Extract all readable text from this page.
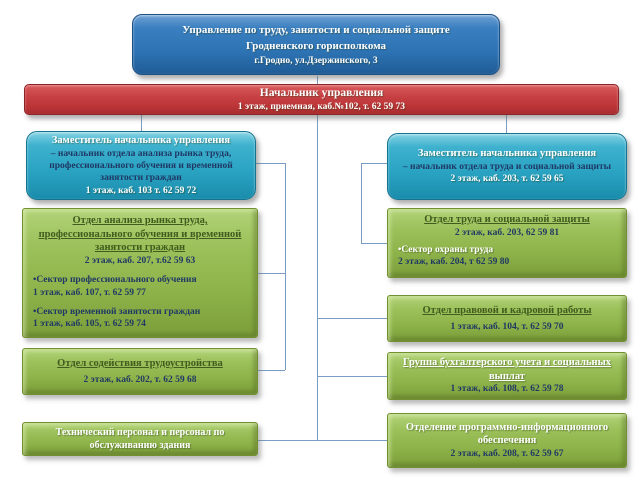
Управление по труду, занятости и социальной защите
Гродненского горисполкома
г.Гродно, ул.Дзержинского, 3
Начальник управления
1 этаж, приемная, каб.№102, т. 62 59 73
Заместитель начальника управления
– начальник отдела анализа рынка труда, профессионального обучения и временной занятости граждан
1 этаж, каб. 103 т. 62 59 72
Заместитель начальника управления
– начальник отдела труда и социальной защиты
2 этаж, каб. 203, т. 62 59 65
Отдел анализа рынка труда, профессионального обучения и временной занятости граждан
2 этаж, каб. 207, т.62 59 63
•Сектор профессионального обучения
1 этаж, каб. 107, т. 62 59 77
•Сектор временной занятости граждан
1 этаж, каб. 105, т. 62 59 74
Отдел содействия трудоустройства
2 этаж, каб. 202, т. 62 59 68
Технический персонал и персонал по обслуживанию здания
Отдел труда и социальной защиты
2 этаж, каб. 203, 62 59 81
•Сектор охраны труда
2 этаж, каб. 204, т 62 59 80
Отдел правовой и кадровой работы
1 этаж, каб. 104, т. 62 59 70
Группа бухгалтерского учета и социальных выплат
1 этаж, каб. 108, т. 62 59 78
Отделение программно-информационного обеспечения
2 этаж, каб. 208, т. 62 59 67
